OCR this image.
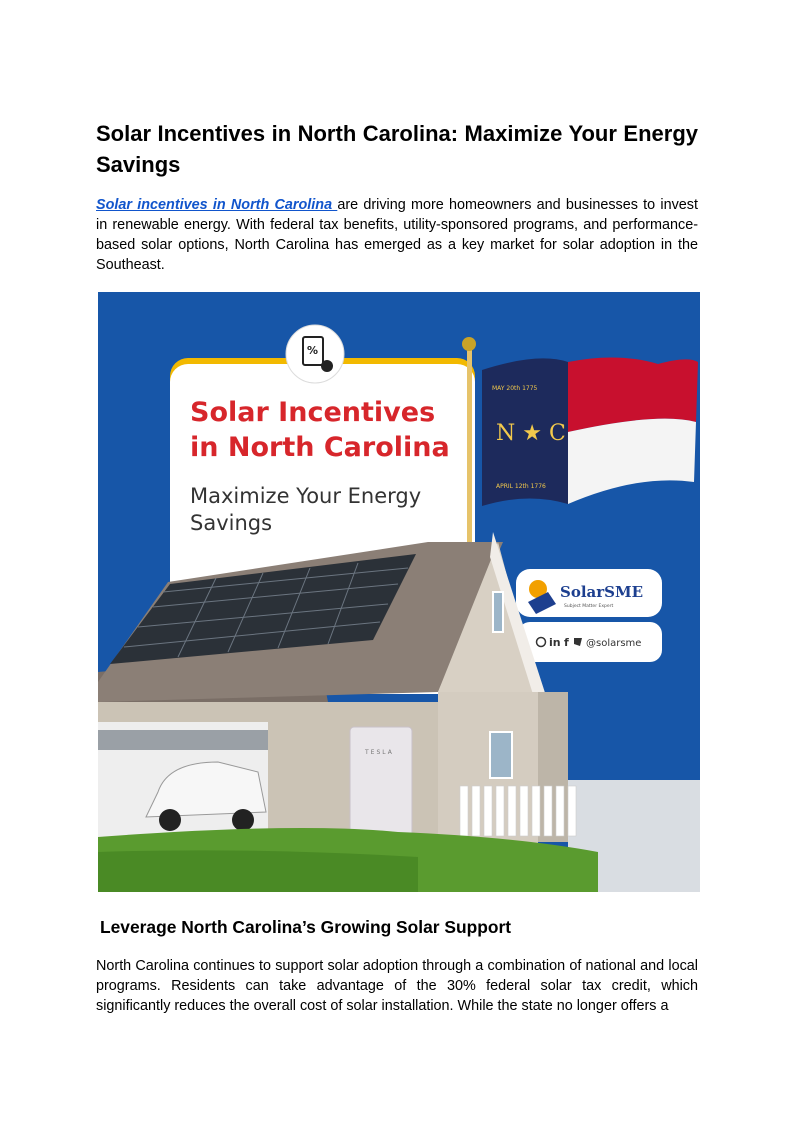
Solar Incentives in North Carolina: Maximize Your Energy Savings

Solar incentives in North Carolina are driving more homeowners and businesses to invest in renewable energy. With federal tax benefits, utility-sponsored programs, and performance-based solar options, North Carolina has emerged as a key market for solar adoption in the Southeast.

%
Solar Incentives
in North Carolina
Maximize Your Energy
Savings
N ★ C
MAY 20th 1775
APRIL 12th 1776
SolarSME
Subject Matter Expert
in f @solarsme
TESLA
Leverage North Carolina’s Growing Solar Support

North Carolina continues to support solar adoption through a combination of national and local programs. Residents can take advantage of the 30% federal solar tax credit, which significantly reduces the overall cost of solar installation. While the state no longer offers a
